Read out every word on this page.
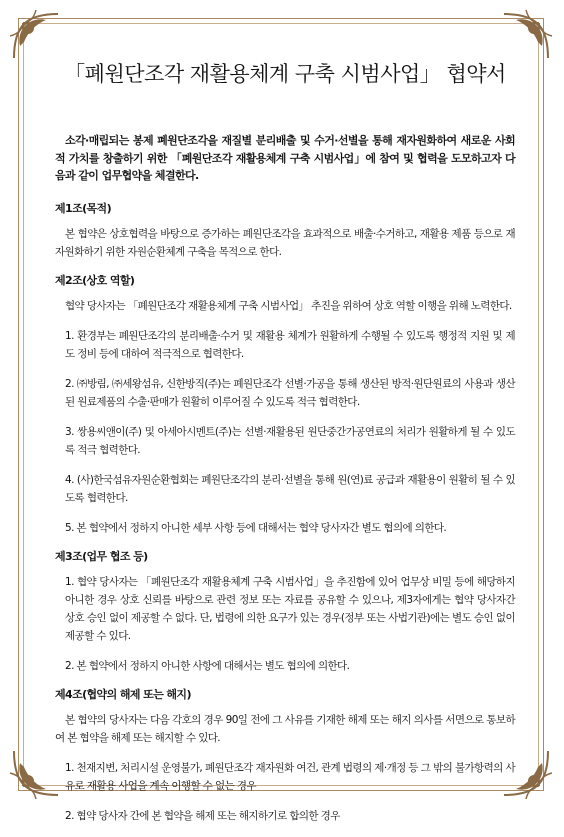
「폐원단조각 재활용체계 구축 시범사업」 협약서

소각·매립되는 봉제 폐원단조각을 재질별 분리배출 및 수거·선별을 통해 재자원화하여 새로운 사회적 가치를 창출하기 위한 「폐원단조각 재활용체계 구축 시범사업」에 참여 및 협력을 도모하고자 다음과 같이 업무협약을 체결한다.

제1조(목적)

본 협약은 상호협력을 바탕으로 증가하는 폐원단조각을 효과적으로 배출·수거하고, 재활용 제품 등으로 재자원화하기 위한 자원순환체계 구축을 목적으로 한다.

제2조(상호 역할)

협약 당사자는 「폐원단조각 재활용체계 구축 시범사업」 추진을 위하여 상호 역할 이행을 위해 노력한다.

1. 환경부는 폐원단조각의 분리배출·수거 및 재활용 체계가 원활하게 수행될 수 있도록 행정적 지원 및 제도 정비 등에 대하여 적극적으로 협력한다.

2. ㈜방림, ㈜세왕섬유, 신한방직(주)는 폐원단조각 선별·가공을 통해 생산된 방적·원단원료의 사용과 생산된 원료제품의 수출·판매가 원활히 이루어질 수 있도록 적극 협력한다.

3. 쌍용씨앤이(주) 및 아세아시멘트(주)는 선별·재활용된 원단중간가공연료의 처리가 원활하게 될 수 있도록 적극 협력한다.

4. (사)한국섬유자원순환협회는 폐원단조각의 분리·선별을 통해 원(연)료 공급과 재활용이 원활히 될 수 있도록 협력한다.

5. 본 협약에서 정하지 아니한 세부 사항 등에 대해서는 협약 당사자간 별도 협의에 의한다.

제3조(업무 협조 등)

1. 협약 당사자는 「폐원단조각 재활용체계 구축 시범사업」을 추진함에 있어 업무상 비밀 등에 해당하지 아니한 경우 상호 신뢰를 바탕으로 관련 정보 또는 자료를 공유할 수 있으나, 제3자에게는 협약 당사자간 상호 승인 없이 제공할 수 없다. 단, 법령에 의한 요구가 있는 경우(정부 또는 사법기관)에는 별도 승인 없이 제공할 수 있다.

2. 본 협약에서 정하지 아니한 사항에 대해서는 별도 협의에 의한다.

제4조(협약의 해제 또는 해지)

본 협약의 당사자는 다음 각호의 경우 90일 전에 그 사유를 기재한 해제 또는 해지 의사를 서면으로 통보하여 본 협약을 해제 또는 해지할 수 있다.

1. 천재지변, 처리시설 운영불가, 폐원단조각 재자원화 여건, 관계 법령의 제·개정 등 그 밖의 불가항력의 사유로 재활용 사업을 계속 이행할 수 없는 경우

2. 협약 당사자 간에 본 협약을 해제 또는 해지하기로 합의한 경우
